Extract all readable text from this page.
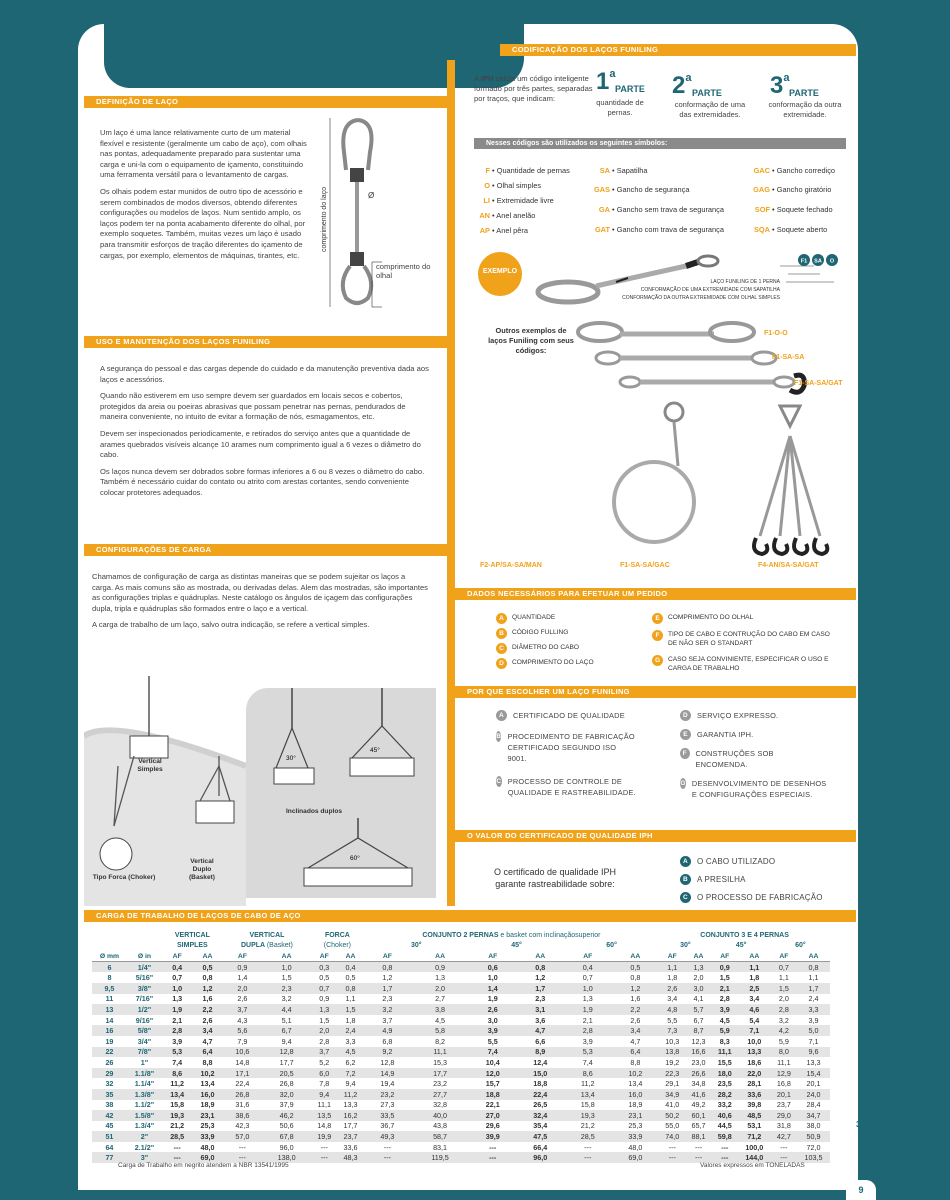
DEFINIÇÃO DE LAÇO

Um laço é uma lance relativamente curto de um material flexível e resistente (geralmente um cabo de aço), com olhais nas pontas, adequadamente preparado para sustentar uma carga e uni-la com o equipamento de içamento, constituindo uma ferramenta versátil para o levantamento de cargas.

Os olhais podem estar munidos de outro tipo de acessório e serem combinados de modos diversos, obtendo diferentes configurações ou modelos de laços. Num sentido amplo, os laços podem ter na ponta acabamento diferente do olhal, por exemplo soquetes. Também, muitas vezes um laço é usado para transmitir esforços de tração diferentes do içamento de cargas, por exemplo, elementos de máquinas, tirantes, etc.

comprimento do laço	Ø
comprimento do olhal
USO E MANUTENÇÃO DOS LAÇOS FUNILING

A segurança do pessoal e das cargas depende do cuidado e da manutenção preventiva dada aos laços e acessórios.

Quando não estiverem em uso sempre devem ser guardados em locais secos e cobertos, protegidos da areia ou poeiras abrasivas que possam penetrar nas pernas, pendurados de maneira conveniente, no intuito de evitar a formação de nós, esmagamentos, etc.

Devem ser inspecionados periodicamente, e retirados do serviço antes que a quantidade de arames quebrados visíveis alcançe 10 arames num comprimento igual a 6 vezes o diâmetro do cabo.

Os laços nunca devem ser dobrados sobre formas inferiores a 6 ou 8 vezes o diâmetro do cabo. Também é necessário cuidar do contato ou atrito com arestas cortantes, sendo conveniente colocar protetores adequados.

CONFIGURAÇÕES DE CARGA

Chamamos de configuração de carga as distintas maneiras que se podem sujeitar os laços a carga. As mais comuns são as mostrada, ou derivadas delas. Alem das mostradas, são importantes as configurações triplas e quádruplas. Neste catálogo os ângulos de içagem das configurações dupla, tripla e quádruplas são formados entre o laço e a vertical.

A carga de trabalho de um laço, salvo outra indicação, se refere a vertical simples.

Vertical Simples
Tipo Forca (Choker)
Vertical Duplo (Basket)
30°
45°
60°
Inclinados duplos
CODIFICAÇÃO DOS LAÇOS FUNILING
A IPH utiliza um código inteligente formado por três partes, separadas por traços, que indicam:
1$^a$
PARTE
quantidade de pernas.
2$^a$
PARTE
conformação de uma das extremidades.
3$^a$
PARTE
conformação da outra extremidade.
Nesses códigos são utilizados os seguintes símbolos:
F • Quantidade de pernas
O • Olhal simples
LI • Extremidade livre
AN • Anel anelão
AP • Anel pêra
SA • Sapatilha
GAS • Gancho de segurança
GA • Gancho sem trava de segurança
GAT • Gancho com trava de segurança
GAC • Gancho corrediço
GAG • Gancho giratório
SOF • Soquete fechado
SQA • Soquete aberto
F1 SA O
EXEMPLO
LAÇO FUNILING DE 1 PERNA
CONFORMAÇÃO DE UMA EXTREMIDADE COM SAPATILHA
CONFORMAÇÃO DA OUTRA EXTREMIDADE COM OLHAL SIMPLES
Outros exemplos de laços Funiling com seus códigos:
F1-O-O
F1-SA-SA
F1-SA-SA/GAT
F2-AP/SA-SA/MAN	F1-SA-SA/GAC	F4-AN/SA-SA/GAT
DADOS NECESSÁRIOS PARA EFETUAR UM PEDIDO
A	QUANTIDADE
B	CÓDIGO FULLING
C	DIÂMETRO DO CABO
D	COMPRIMENTO DO LAÇO
E	COMPRIMENTO DO OLHAL
F	TIPO DE CABO E CONTRUÇÃO DO CABO EM CASO DE NÃO SER O STANDART
G	CASO SEJA CONVINIENTE, ESPECIFICAR O USO E CARGA DE TRABALHO
POR QUE ESCOLHER UM LAÇO FUNILING
A	CERTIFICADO DE QUALIDADE
B PROCEDIMENTO DE FABRICAÇÃO CERTIFICADO SEGUNDO ISO 9001.
C PROCESSO DE CONTROLE DE QUALIDADE E RASTREABILIDADE.
D	SERVIÇO EXPRESSO.
E	GARANTIA IPH.
F	CONSTRUÇÕES SOB ENCOMENDA.
G DESENVOLVIMENTO DE DESENHOS E CONFIGURAÇÕES ESPECIAIS.
O VALOR DO CERTIFICADO DE QUALIDADE IPH
O certificado de qualidade IPH garante rastreabilidade sobre:
A	O CABO UTILIZADO
B	A PRESILHA
C	O PROCESSO DE FABRICAÇÃO
CARGA DE TRABALHO DE LAÇOS DE CABO DE AÇO
		VERTICAL		VERTICAL		FORCA		CONJUNTO 2 PERNAS e basket com inclinaçãosuperior						CONJUNTO 3 E 4 PERNAS					
		SIMPLES		DUPLA (Basket)		(Choker)		30°		45°		60°		30°		45°		60°	
Ø mm	Ø in	AF	AA	AF	AA	AF	AA	AF	AA	AF	AA	AF	AA	AF	AA	AF	AA	AF	AA
6	1/4"	0,4	0,5	0,9	1,0	0,3	0,4	0,8	0,9	0,6	0,8	0,4	0,5	1,1	1,3	0,9	1,1	0,7	0,8
8	5/16"	0,7	0,8	1,4	1,5	0,5	0,5	1,2	1,3	1,0	1,2	0,7	0,8	1,8	2,0	1,5	1,8	1,1	1,1
9,5	3/8"	1,0	1,2	2,0	2,3	0,7	0,8	1,7	2,0	1,4	1,7	1,0	1,2	2,6	3,0	2,1	2,5	1,5	1,7
11	7/16"	1,3	1,6	2,6	3,2	0,9	1,1	2,3	2,7	1,9	2,3	1,3	1,6	3,4	4,1	2,8	3,4	2,0	2,4
13	1/2"	1,9	2,2	3,7	4,4	1,3	1,5	3,2	3,8	2,6	3,1	1,9	2,2	4,8	5,7	3,9	4,6	2,8	3,3
14	9/16"	2,1	2,6	4,3	5,1	1,5	1,8	3,7	4,5	3,0	3,6	2,1	2,6	5,5	6,7	4,5	5,4	3,2	3,9
16	5/8"	2,8	3,4	5,6	6,7	2,0	2,4	4,9	5,8	3,9	4,7	2,8	3,4	7,3	8,7	5,9	7,1	4,2	5,0
19	3/4"	3,9	4,7	7,9	9,4	2,8	3,3	6,8	8,2	5,5	6,6	3,9	4,7	10,3	12,3	8,3	10,0	5,9	7,1
22	7/8"	5,3	6,4	10,6	12,8	3,7	4,5	9,2	11,1	7,4	8,9	5,3	6,4	13,8	16,6	11,1	13,3	8,0	9,6
26	1"	7,4	8,8	14,8	17,7	5,2	6,2	12,8	15,3	10,4	12,4	7,4	8,8	19,2	23,0	15,5	18,6	11,1	13,3
29	1.1/8"	8,6	10,2	17,1	20,5	6,0	7,2	14,9	17,7	12,0	15,0	8,6	10,2	22,3	26,6	18,0	22,0	12,9	15,4
32	1.1/4"	11,2	13,4	22,4	26,8	7,8	9,4	19,4	23,2	15,7	18,8	11,2	13,4	29,1	34,8	23,5	28,1	16,8	20,1
35	1.3/8"	13,4	16,0	26,8	32,0	9,4	11,2	23,2	27,7	18,8	22,4	13,4	16,0	34,9	41,6	28,2	33,6	20,1	24,0
38	1.1/2"	15,8	18,9	31,6	37,9	11,1	13,3	27,3	32,8	22,1	26,5	15,8	18,9	41,0	49,2	33,2	39,8	23,7	28,4
42	1.5/8"	19,3	23,1	38,6	46,2	13,5	16,2	33,5	40,0	27,0	32,4	19,3	23,1	50,2	60,1	40,6	48,5	29,0	34,7
45	1.3/4"	21,2	25,3	42,3	50,6	14,8	17,7	36,7	43,8	29,6	35,4	21,2	25,3	55,0	65,7	44,5	53,1	31,8	38,0
51	2"	28,5	33,9	57,0	67,8	19,9	23,7	49,3	58,7	39,9	47,5	28,5	33,9	74,0	88,1	59,8	71,2	42,7	50,9
64	2.1/2"	---	48,0	---	96,0	---	33,6	---	83,1	---	66,4	---	48,0	---	---	---	100,0	---	72,0
77	3"	---	69,0	---	138,0	---	48,3	---	119,5	---	96,0	---	69,0	---	---	---	144,0	---	103,5
Carga de Trabalho em negrito atendem a NBR 13541/1995	Valores expressos em TONELADAS
3	05
9
